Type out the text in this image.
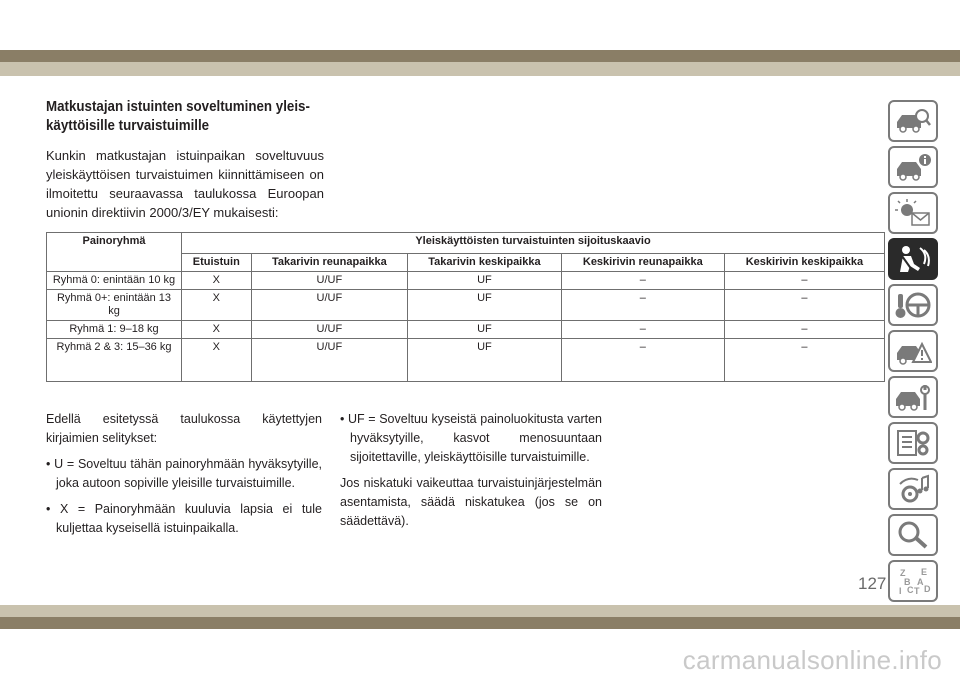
Matkustajan istuinten soveltuminen yleis-käyttöisille turvaistuimille
Kunkin matkustajan istuinpaikan soveltuvuus yleiskäyttöisen turvaistuimen kiinnittämiseen on ilmoitettu seuraavassa taulukossa Euroopan unionin direktiivin 2000/3/EY mukaisesti:
Painoryhmä	Yleiskäyttöisten turvaistuinten sijoituskaavio				
	Etuistuin	Takarivin reunapaikka	Takarivin keskipaikka	Keskirivin reunapaikka	Keskirivin keskipaikka
Ryhmä 0: enintään 10 kg	X	U/UF	UF	–	–
Ryhmä 0+: enintään 13 kg	X	U/UF	UF	–	–
Ryhmä 1: 9–18 kg	X	U/UF	UF	–	–
Ryhmä 2 & 3: 15–36 kg	X	U/UF	UF	–	–

Edellä esitetyssä taulukossa käytettyjen kirjaimien selitykset:

• U = Soveltuu tähän painoryhmään hyväksytyille, joka autoon sopiville yleisille turvaistuimille.

• X = Painoryhmään kuuluvia lapsia ei tule kuljettaa kyseisellä istuinpaikalla.

• UF = Soveltuu kyseistä painoluokitusta varten hyväksytyille, kasvot menosuuntaan sijoitettaville, yleiskäyttöisille turvaistuimille.

Jos niskatuki vaikeuttaa turvaistuinjärjestelmän asentamista, säädä niskatukea (jos se on säädettävä).

Z E
B A
I C T D
127
carmanualsonline.info
